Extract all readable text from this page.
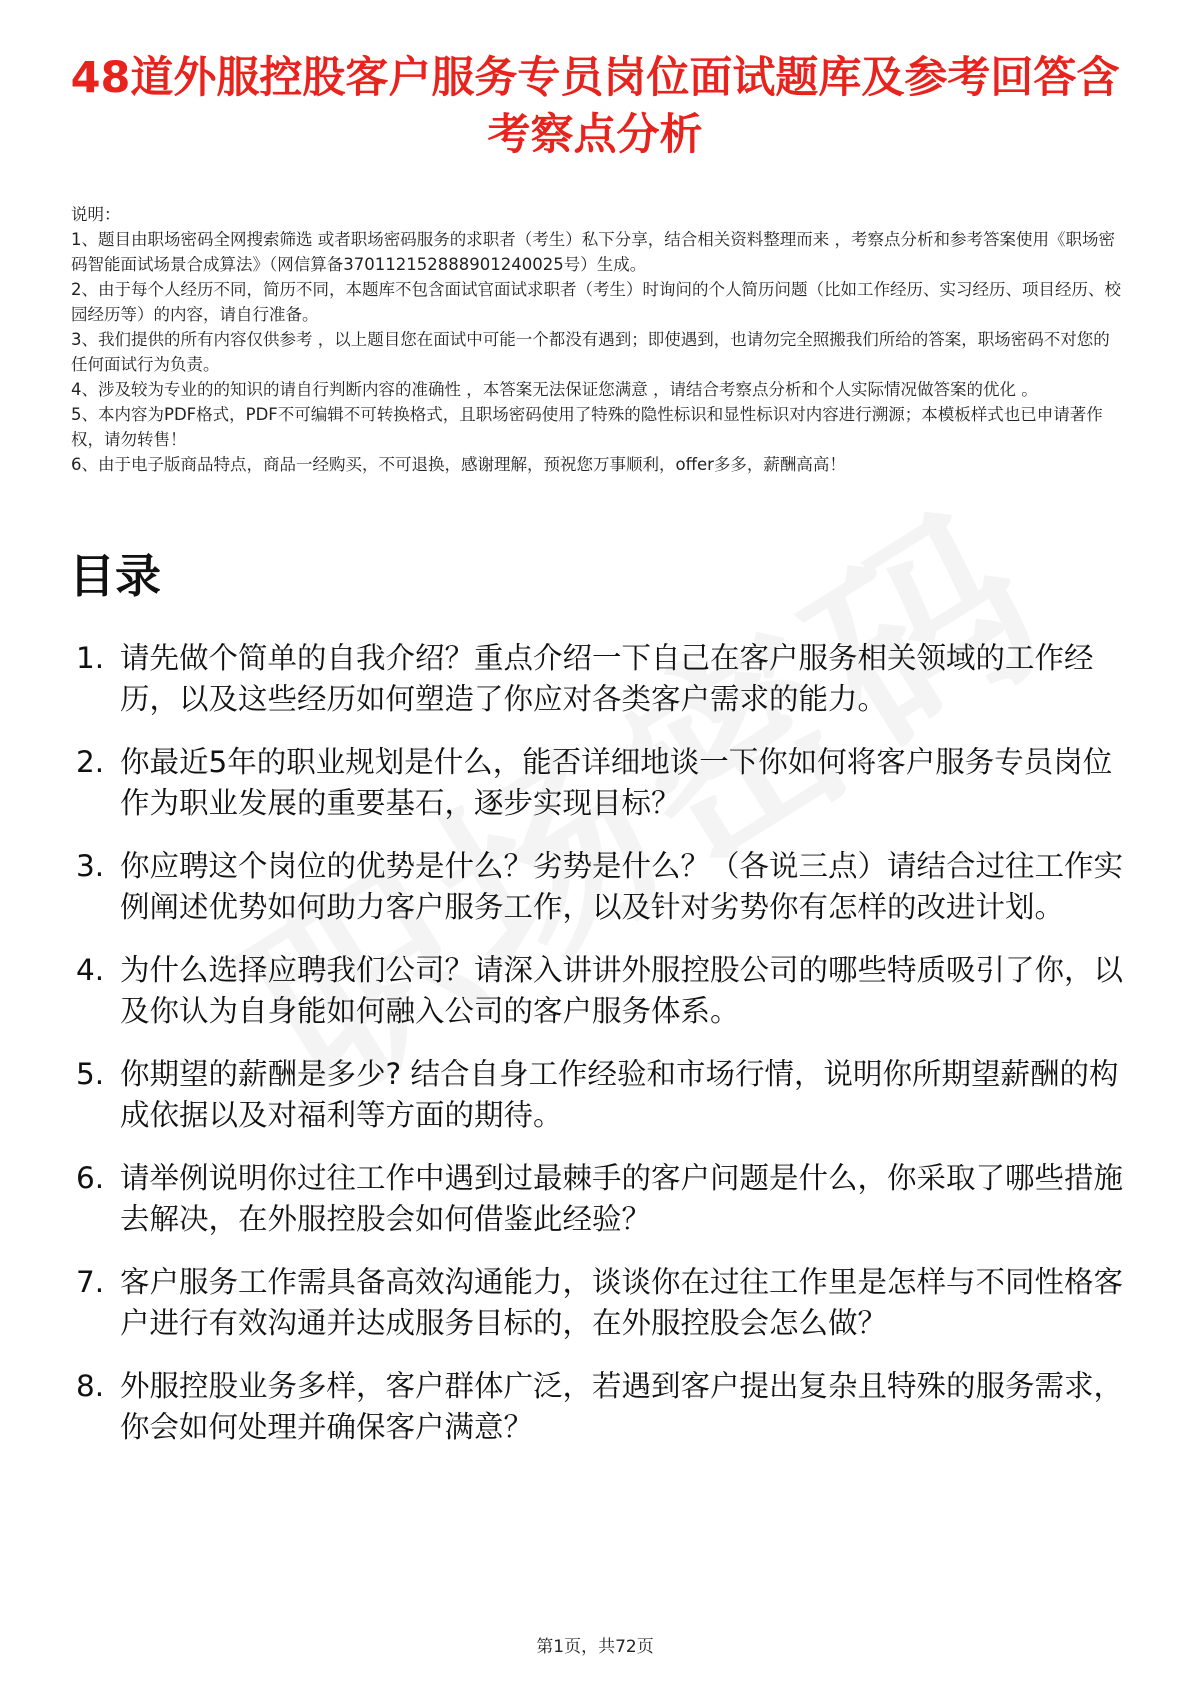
48道外服控股客户服务专员岗位面试题库及参考回答含考察点分析

说明：

1、题目由职场密码全网搜索筛选 或者职场密码服务的求职者（考生）私下分享，结合相关资料整理而来 ，考察点分析和参考答案使用《职场密码智能面试场景合成算法》（网信算备370112152888901240025号）生成。

2、由于每个人经历不同，简历不同，本题库不包含面试官面试求职者（考生）时询问的个人简历问题（比如工作经历、实习经历、项目经历、校园经历等）的内容，请自行准备。

3、我们提供的所有内容仅供参考 ，以上题目您在面试中可能一个都没有遇到；即使遇到，也请勿完全照搬我们所给的答案，职场密码不对您的任何面试行为负责。

4、涉及较为专业的的知识的请自行判断内容的准确性 ，本答案无法保证您满意 ，请结合考察点分析和个人实际情况做答案的优化 。

5、本内容为PDF格式，PDF不可编辑不可转换格式，且职场密码使用了特殊的隐性标识和显性标识对内容进行溯源；本模板样式也已申请著作权，请勿转售！

6、由于电子版商品特点，商品一经购买，不可退换，感谢理解，预祝您万事顺利，offer多多，薪酬高高！

目录
1. 请先做个简单的自我介绍？重点介绍一下自己在客户服务相关领域的工作经历，以及这些经历如何塑造了你应对各类客户需求的能力。
2. 你最近5年的职业规划是什么，能否详细地谈一下你如何将客户服务专员岗位作为职业发展的重要基石，逐步实现目标？
3. 你应聘这个岗位的优势是什么？劣势是什么？（各说三点）请结合过往工作实例阐述优势如何助力客户服务工作，以及针对劣势你有怎样的改进计划。
4. 为什么选择应聘我们公司？请深入讲讲外服控股公司的哪些特质吸引了你，以及你认为自身能如何融入公司的客户服务体系。
5. 你期望的薪酬是多少? 结合自身工作经验和市场行情，说明你所期望薪酬的构成依据以及对福利等方面的期待。
6. 请举例说明你过往工作中遇到过最棘手的客户问题是什么，你采取了哪些措施去解决，在外服控股会如何借鉴此经验？
7. 客户服务工作需具备高效沟通能力，谈谈你在过往工作里是怎样与不同性格客户进行有效沟通并达成服务目标的，在外服控股会怎么做？
8. 外服控股业务多样，客户群体广泛，若遇到客户提出复杂且特殊的服务需求，你会如何处理并确保客户满意？
第1页，共72页
